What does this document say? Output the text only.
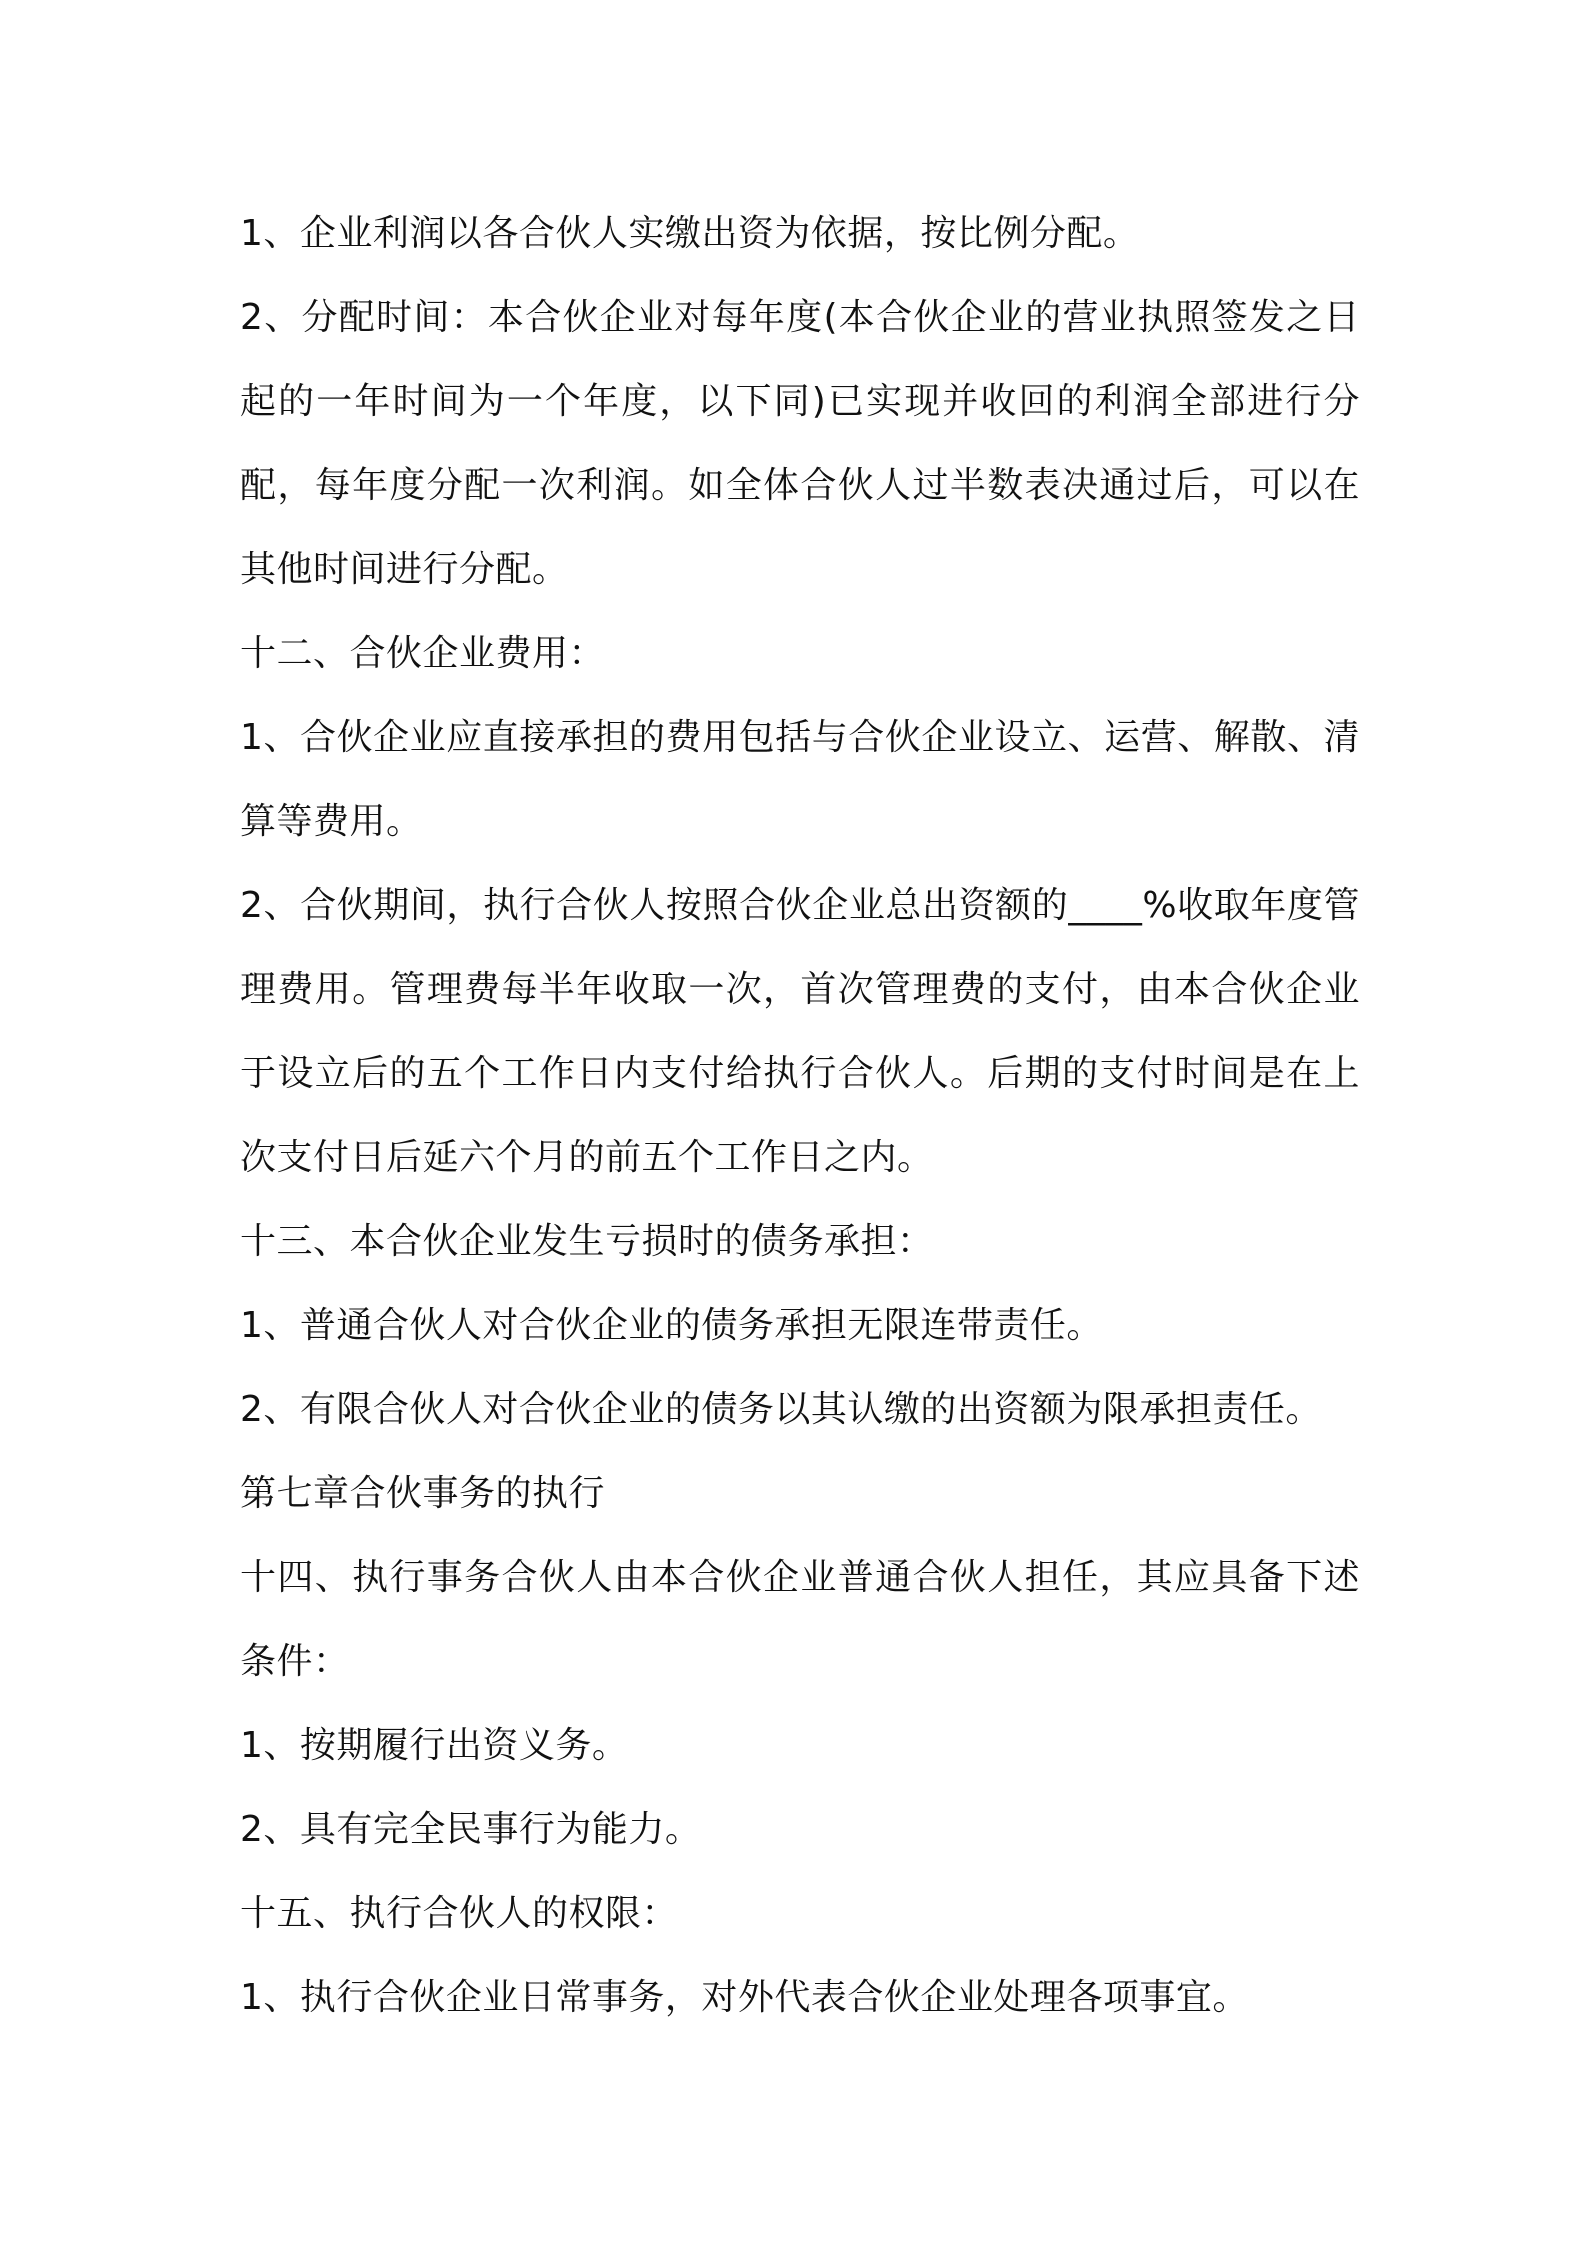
1、企业利润以各合伙人实缴出资为依据，按比例分配。

2、分配时间：本合伙企业对每年度(本合伙企业的营业执照签发之日起的一年时间为一个年度，以下同)已实现并收回的利润全部进行分配，每年度分配一次利润。如全体合伙人过半数表决通过后，可以在其他时间进行分配。

十二、合伙企业费用：

1、合伙企业应直接承担的费用包括与合伙企业设立、运营、解散、清算等费用。

2、合伙期间，执行合伙人按照合伙企业总出资额的____%收取年度管理费用。管理费每半年收取一次，首次管理费的支付，由本合伙企业于设立后的五个工作日内支付给执行合伙人。后期的支付时间是在上次支付日后延六个月的前五个工作日之内。

十三、本合伙企业发生亏损时的债务承担：

1、普通合伙人对合伙企业的债务承担无限连带责任。

2、有限合伙人对合伙企业的债务以其认缴的出资额为限承担责任。

第七章合伙事务的执行

十四、执行事务合伙人由本合伙企业普通合伙人担任，其应具备下述条件：

1、按期履行出资义务。

2、具有完全民事行为能力。

十五、执行合伙人的权限：

1、执行合伙企业日常事务，对外代表合伙企业处理各项事宜。
